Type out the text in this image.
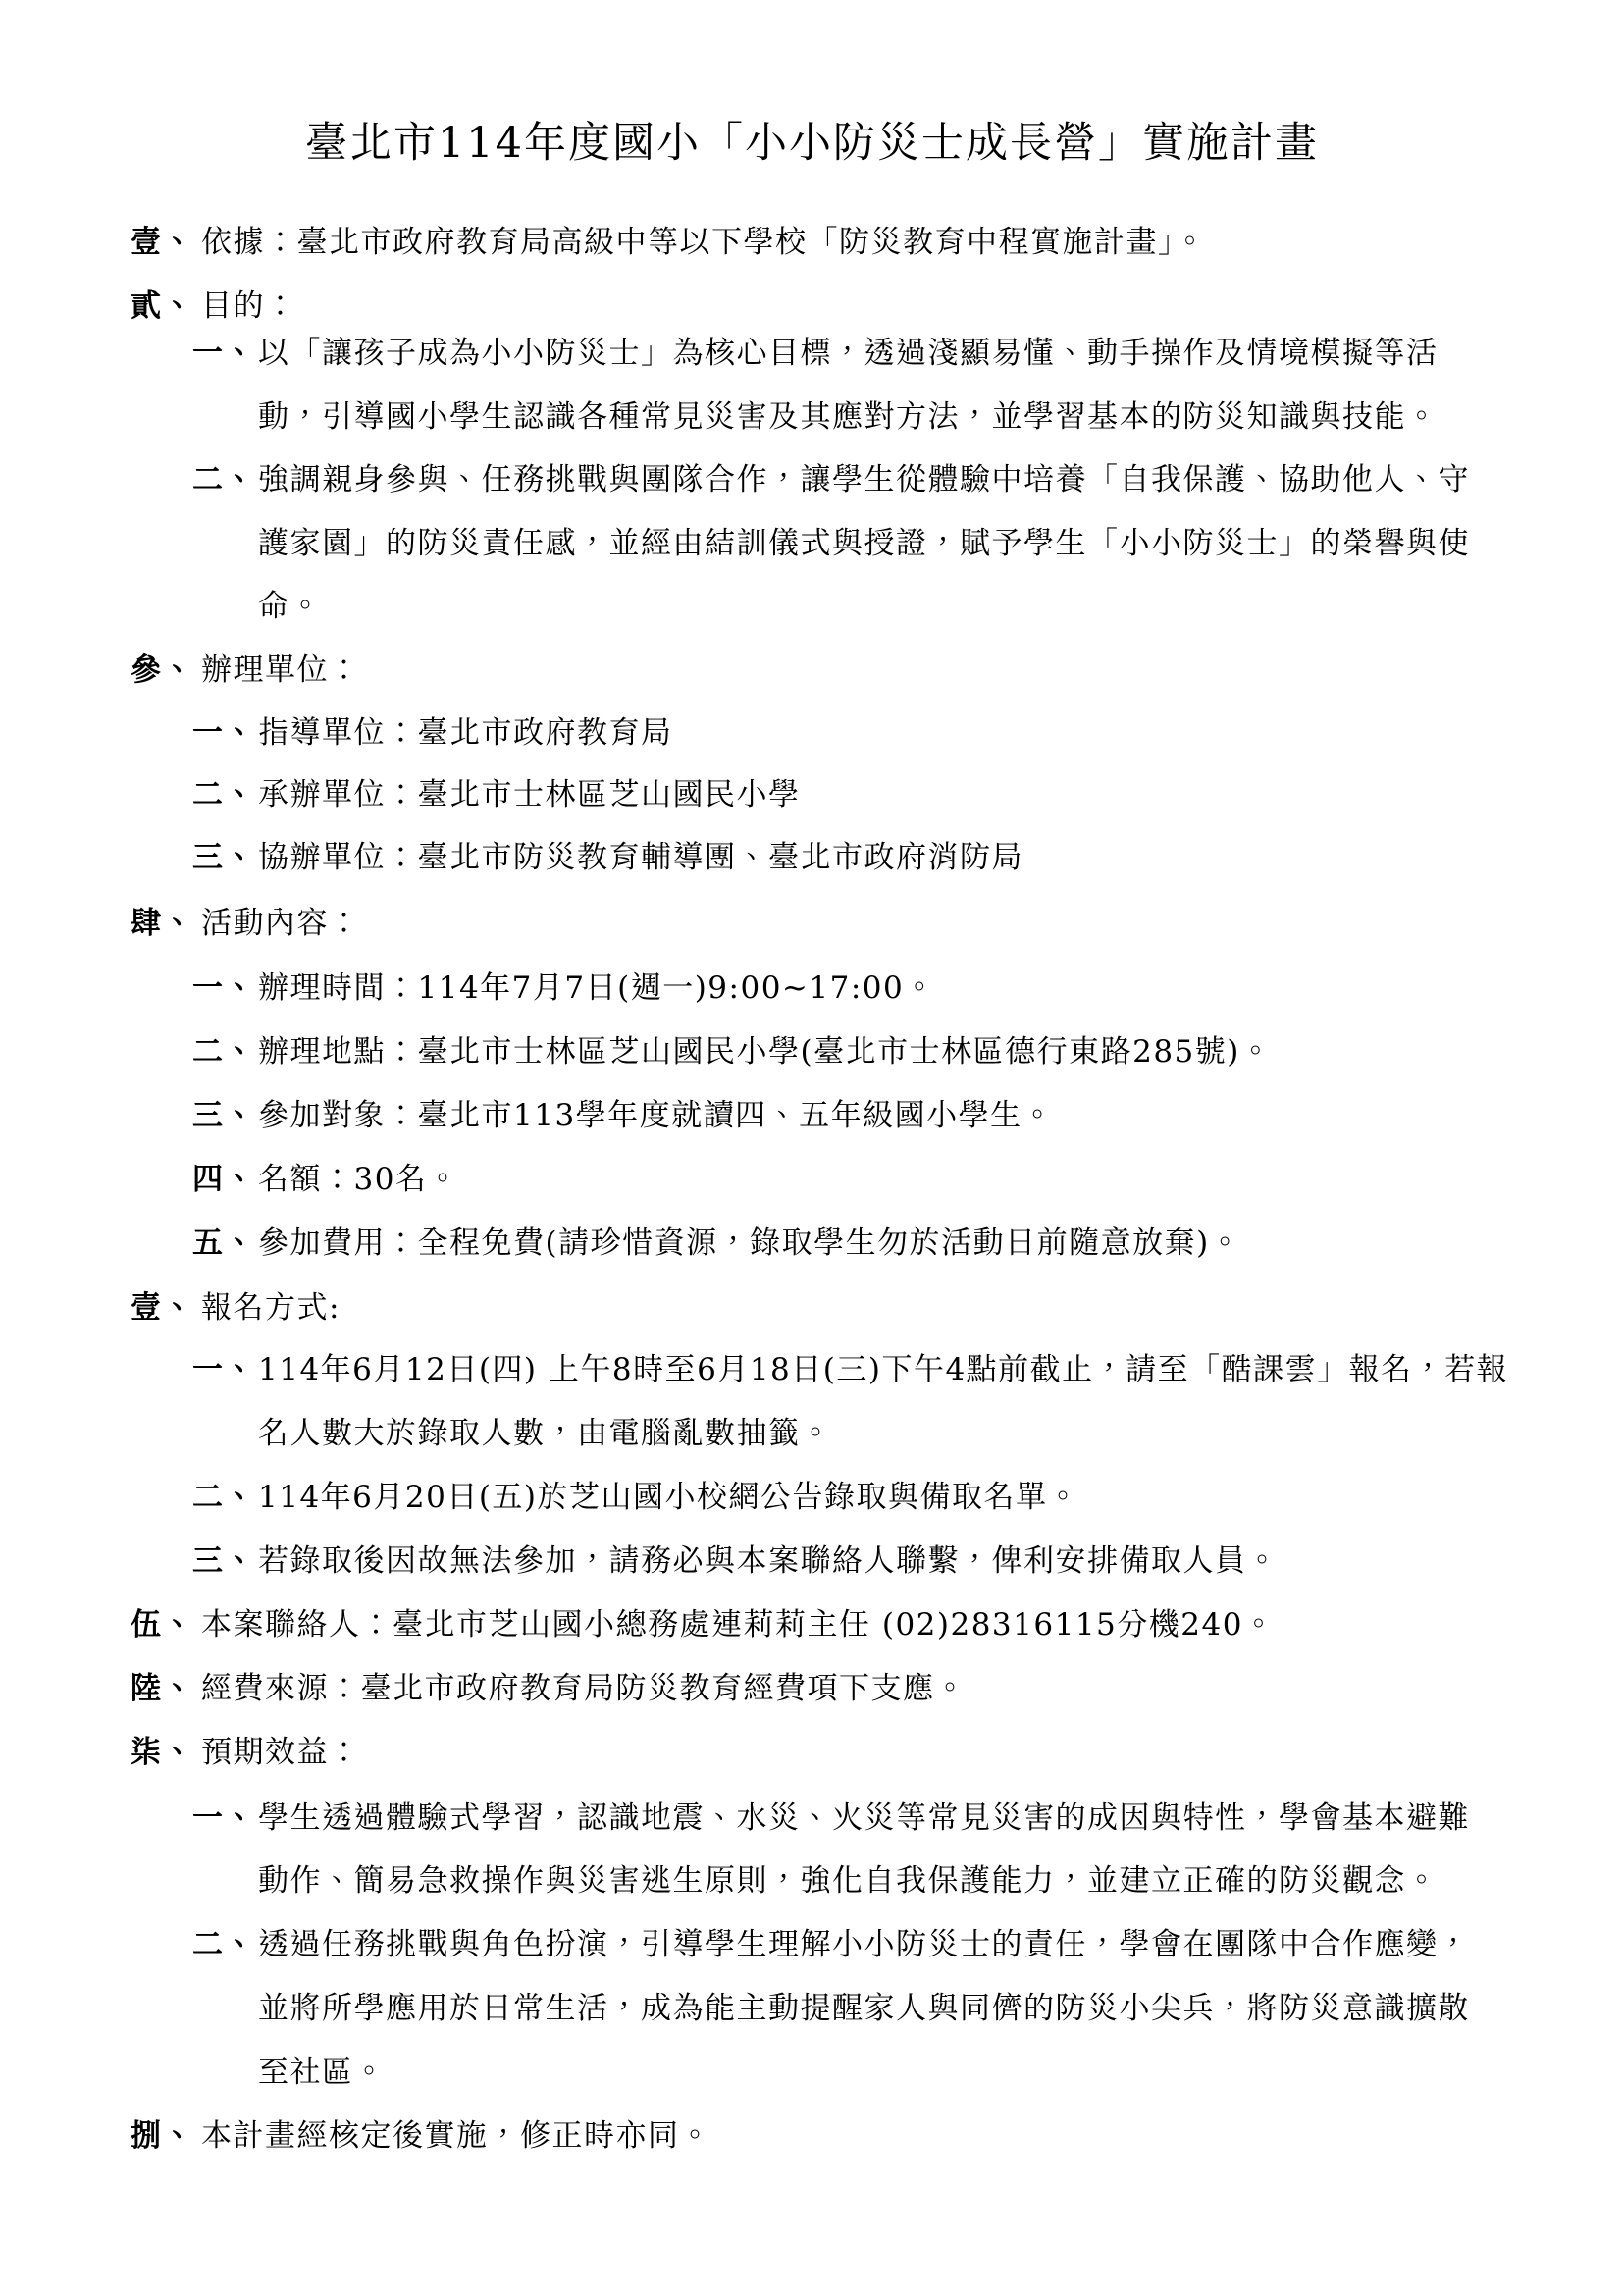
臺北市114年度國小「小小防災士成長營」實施計畫
壹、 依據：臺北市政府教育局高級中等以下學校「防災教育中程實施計畫」。
貳、 目的：
一、以「讓孩子成為小小防災士」為核心目標，透過淺顯易懂、動手操作及情境模擬等活
動，引導國小學生認識各種常見災害及其應對方法，並學習基本的防災知識與技能。
二、強調親身參與、任務挑戰與團隊合作，讓學生從體驗中培養「自我保護、協助他人、守
護家園」的防災責任感，並經由結訓儀式與授證，賦予學生「小小防災士」的榮譽與使
命。
參、 辦理單位：
一、指導單位：臺北市政府教育局
二、承辦單位：臺北市士林區芝山國民小學
三、協辦單位：臺北市防災教育輔導團、臺北市政府消防局
肆、 活動內容：
一、辦理時間：114年7月7日(週一)9:00~17:00。
二、辦理地點：臺北市士林區芝山國民小學(臺北市士林區德行東路285號)。
三、參加對象：臺北市113學年度就讀四、五年級國小學生。
四、名額：30名。
五、參加費用：全程免費(請珍惜資源，錄取學生勿於活動日前隨意放棄)。
壹、 報名方式:
一、114年6月12日(四) 上午8時至6月18日(三)下午4點前截止，請至「酷課雲」報名，若報
名人數大於錄取人數，由電腦亂數抽籤。
二、114年6月20日(五)於芝山國小校網公告錄取與備取名單。
三、若錄取後因故無法參加，請務必與本案聯絡人聯繫，俾利安排備取人員。
伍、 本案聯絡人：臺北市芝山國小總務處連莉莉主任 (02)28316115分機240。
陸、 經費來源：臺北市政府教育局防災教育經費項下支應。
柒、 預期效益：
一、學生透過體驗式學習，認識地震、水災、火災等常見災害的成因與特性，學會基本避難
動作、簡易急救操作與災害逃生原則，強化自我保護能力，並建立正確的防災觀念。
二、透過任務挑戰與角色扮演，引導學生理解小小防災士的責任，學會在團隊中合作應變，
並將所學應用於日常生活，成為能主動提醒家人與同儕的防災小尖兵，將防災意識擴散
至社區。
捌、 本計畫經核定後實施，修正時亦同。
